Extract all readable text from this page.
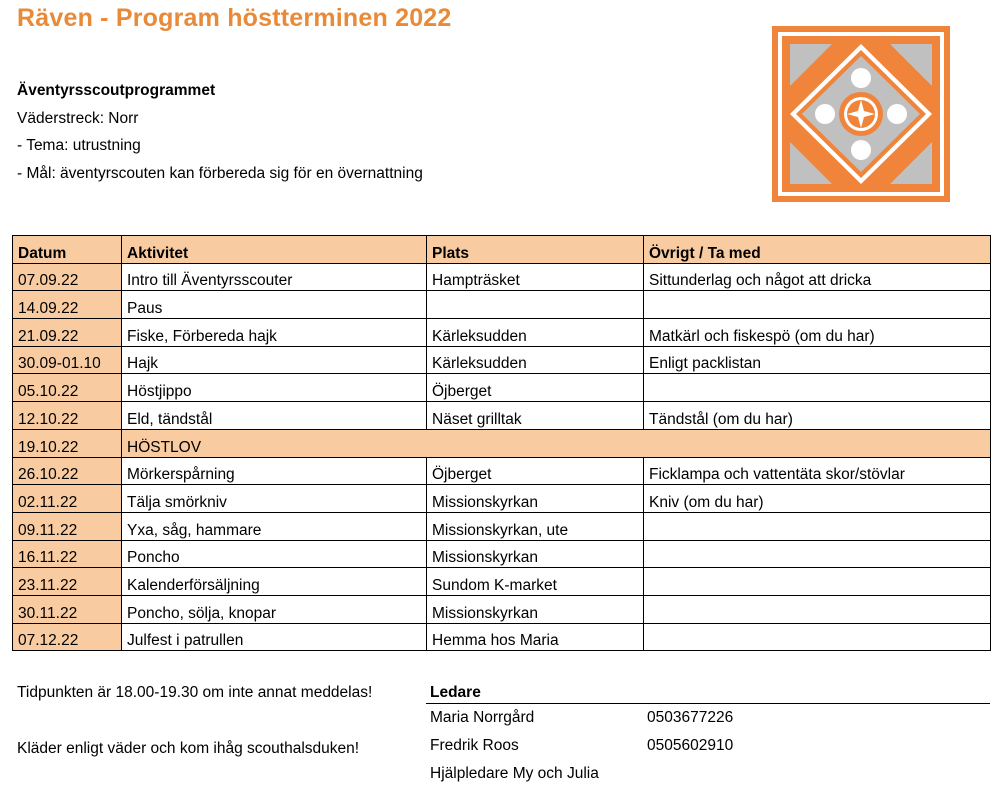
Räven - Program höstterminen 2022
Äventyrsscoutprogrammet
Väderstreck: Norr
- Tema: utrustning
- Mål: äventyrscouten kan förbereda sig för en övernattning
Datum	Aktivitet	Plats	Övrigt / Ta med
07.09.22	Intro till Äventyrsscouter	Hampträsket	Sittunderlag och något att dricka
14.09.22	Paus		
21.09.22	Fiske, Förbereda hajk	Kärleksudden	Matkärl och fiskespö (om du har)
30.09-01.10	Hajk	Kärleksudden	Enligt packlistan
05.10.22	Höstjippo	Öjberget	
12.10.22	Eld, tändstål	Näset grilltak	Tändstål (om du har)
19.10.22	HÖSTLOV		
26.10.22	Mörkerspårning	Öjberget	Ficklampa och vattentäta skor/stövlar
02.11.22	Tälja smörkniv	Missionskyrkan	Kniv (om du har)
09.11.22	Yxa, såg, hammare	Missionskyrkan, ute	
16.11.22	Poncho	Missionskyrkan	
23.11.22	Kalenderförsäljning	Sundom K-market	
30.11.22	Poncho, sölja, knopar	Missionskyrkan	
07.12.22	Julfest i patrullen	Hemma hos Maria	
Tidpunkten är 18.00-19.30 om inte annat meddelas!
Kläder enligt väder och kom ihåg scouthalsduken!
Ledare
Maria Norrgård	0503677226
Fredrik Roos	0505602910
Hjälpledare My och Julia
